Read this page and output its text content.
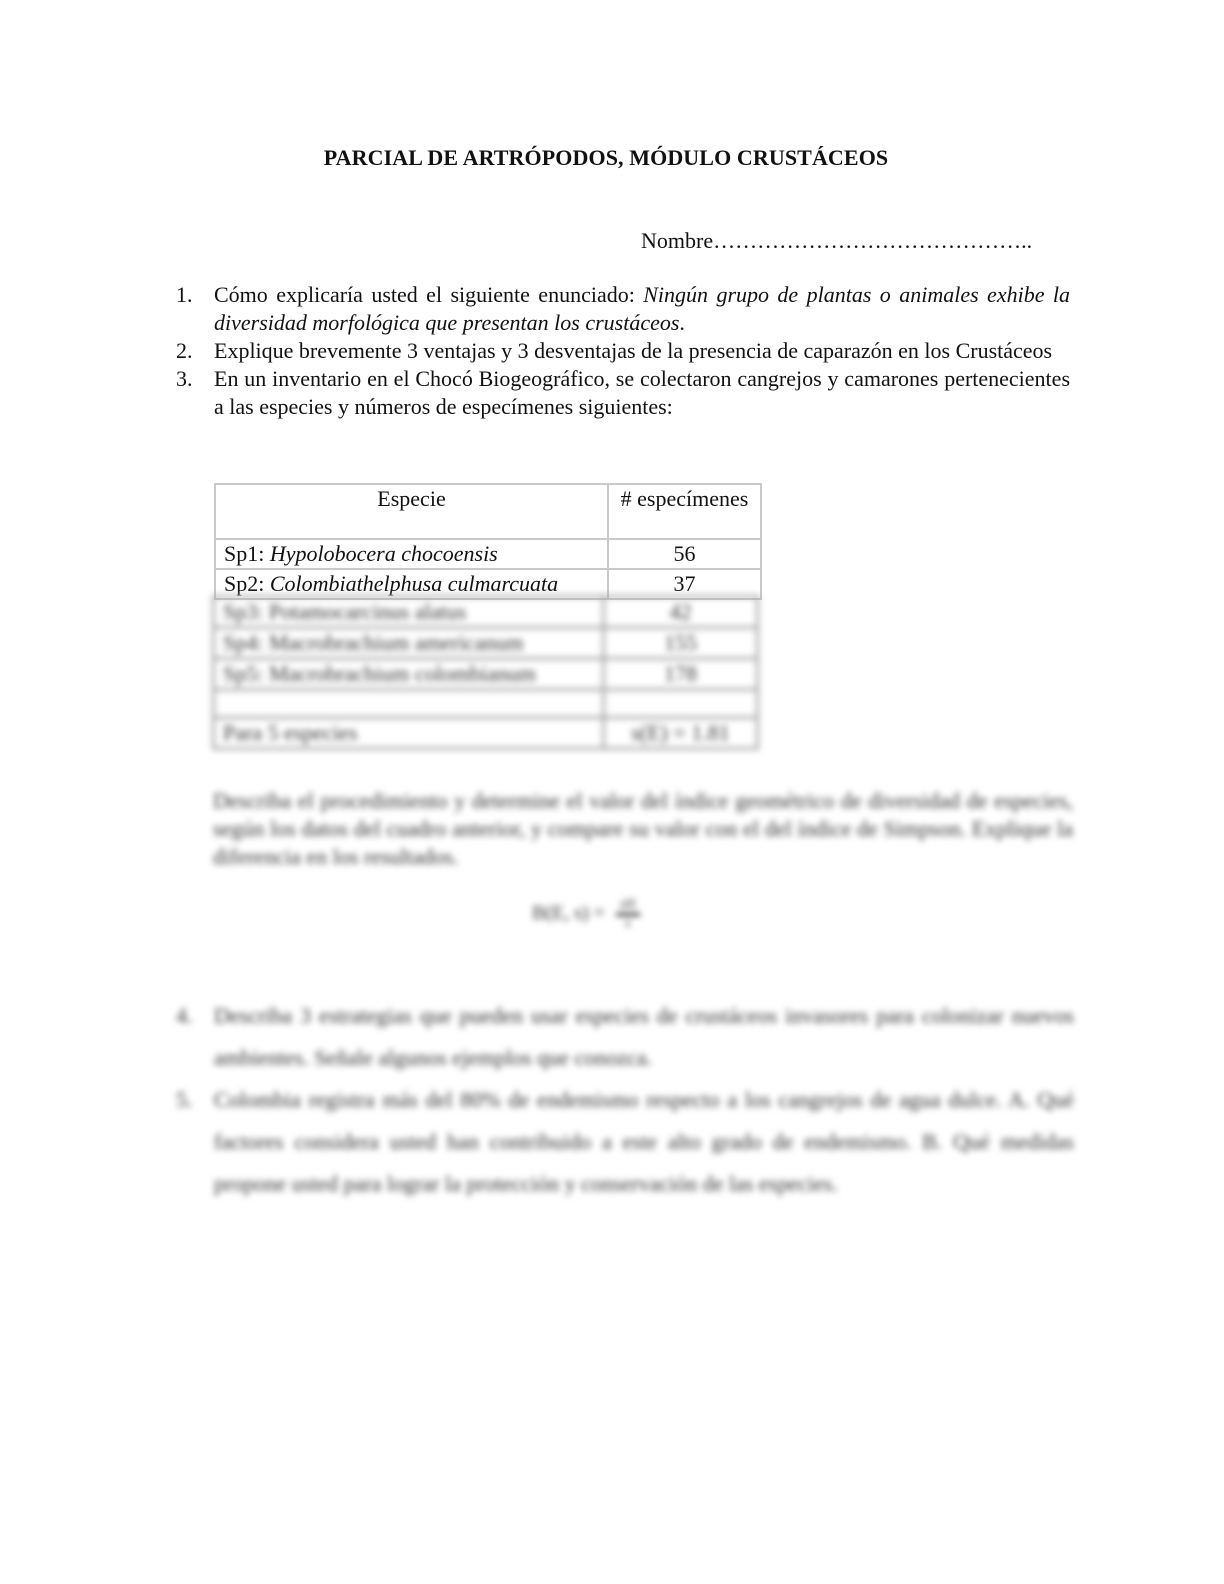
PARCIAL DE ARTRÓPODOS, MÓDULO CRUSTÁCEOS
Nombre……………………………………..
1. Cómo explicaría usted el siguiente enunciado: Ningún grupo de plantas o animales exhibe la diversidad morfológica que presentan los crustáceos.
2. Explique brevemente 3 ventajas y 3 desventajas de la presencia de caparazón en los Crustáceos
3. En un inventario en el Chocó Biogeográfico, se colectaron cangrejos y camarones pertenecientes a las especies y números de especímenes siguientes:
Especie	# especímenes
Sp1: Hypolobocera chocoensis	56
Sp2: Colombiathelphusa culmarcuata	37
Sp3: Potamocarcinus alatus	42
Sp4: Macrobrachium americanum	155
Sp5: Macrobrachium colombianum	178

Para 5 especies	s(E) = 1.81
Describa el procedimiento y determine el valor del índice geométrico de diversidad de especies, según los datos del cuadro anterior, y compare su valor con el del índice de Simpson. Explique la diferencia en los resultados.
B(E, $s) = \frac{sH}{s}$
4. Describa 3 estrategias que pueden usar especies de crustáceos invasores para colonizar nuevos ambientes. Señale algunos ejemplos que conozca.
5. Colombia registra más del 80% de endemismo respecto a los cangrejos de agua dulce. A. Qué factores considera usted han contribuido a este alto grado de endemismo. B. Qué medidas propone usted para lograr la protección y conservación de las especies.
